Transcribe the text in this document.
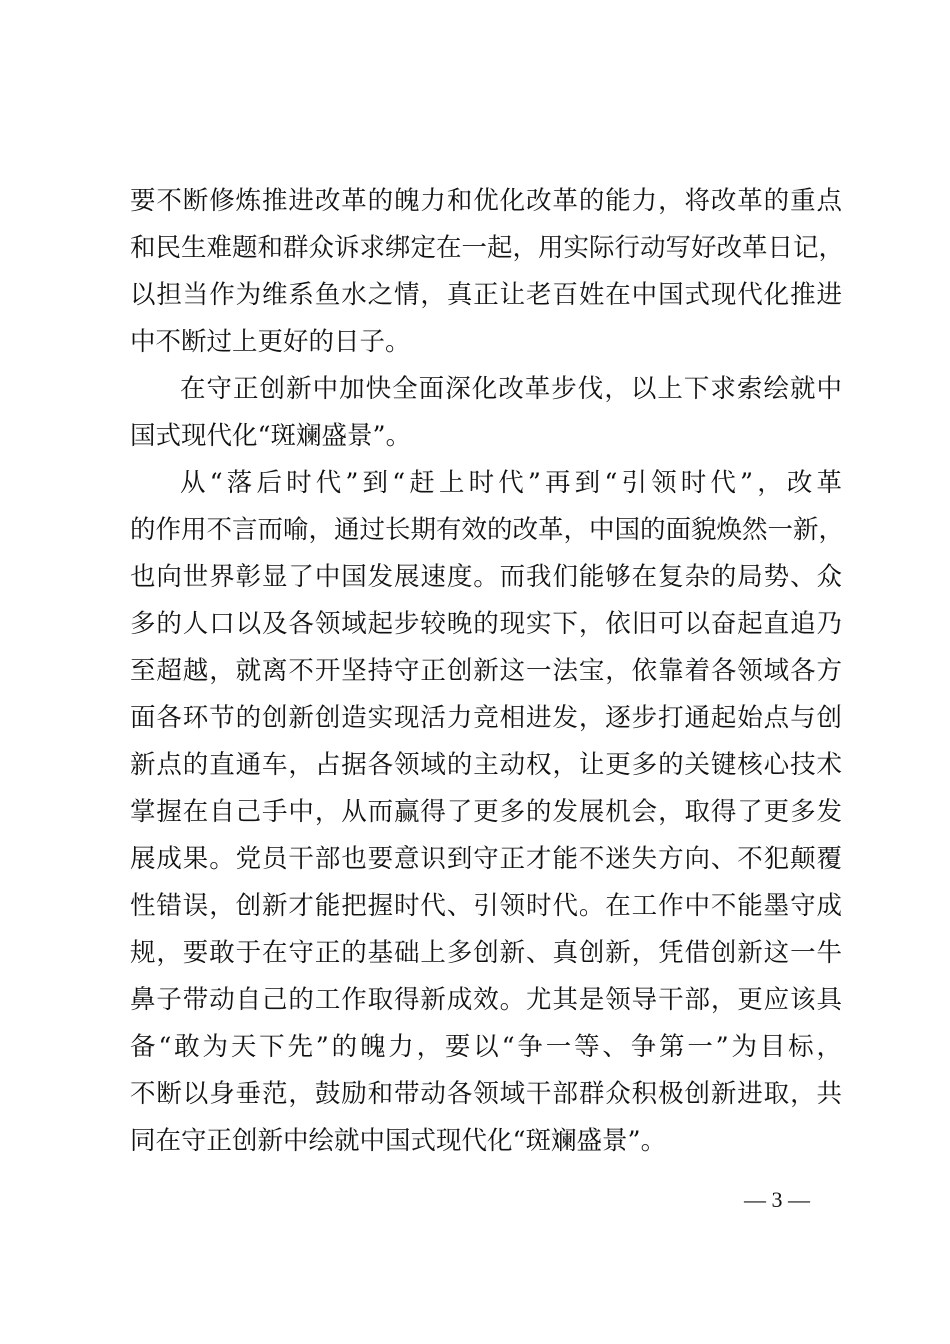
要不断修炼推进改革的魄力和优化改革的能力，将改革的重点
和民生难题和群众诉求绑定在一起，用实际行动写好改革日记，
以担当作为维系鱼水之情，真正让老百姓在中国式现代化推进
中不断过上更好的日子。
在守正创新中加快全面深化改革步伐，以上下求索绘就中
国式现代化“斑斓盛景”。
从“落后时代”到“赶上时代”再到“引领时代”，改革
的作用不言而喻，通过长期有效的改革，中国的面貌焕然一新，
也向世界彰显了中国发展速度。而我们能够在复杂的局势、众
多的人口以及各领域起步较晚的现实下，依旧可以奋起直追乃
至超越，就离不开坚持守正创新这一法宝，依靠着各领域各方
面各环节的创新创造实现活力竞相进发，逐步打通起始点与创
新点的直通车，占据各领域的主动权，让更多的关键核心技术
掌握在自己手中，从而赢得了更多的发展机会，取得了更多发
展成果。党员干部也要意识到守正才能不迷失方向、不犯颠覆
性错误，创新才能把握时代、引领时代。在工作中不能墨守成
规，要敢于在守正的基础上多创新、真创新，凭借创新这一牛
鼻子带动自己的工作取得新成效。尤其是领导干部，更应该具
备“敢为天下先”的魄力，要以“争一等、争第一”为目标，
不断以身垂范，鼓励和带动各领域干部群众积极创新进取，共
同在守正创新中绘就中国式现代化“斑斓盛景”。
— 3 —
